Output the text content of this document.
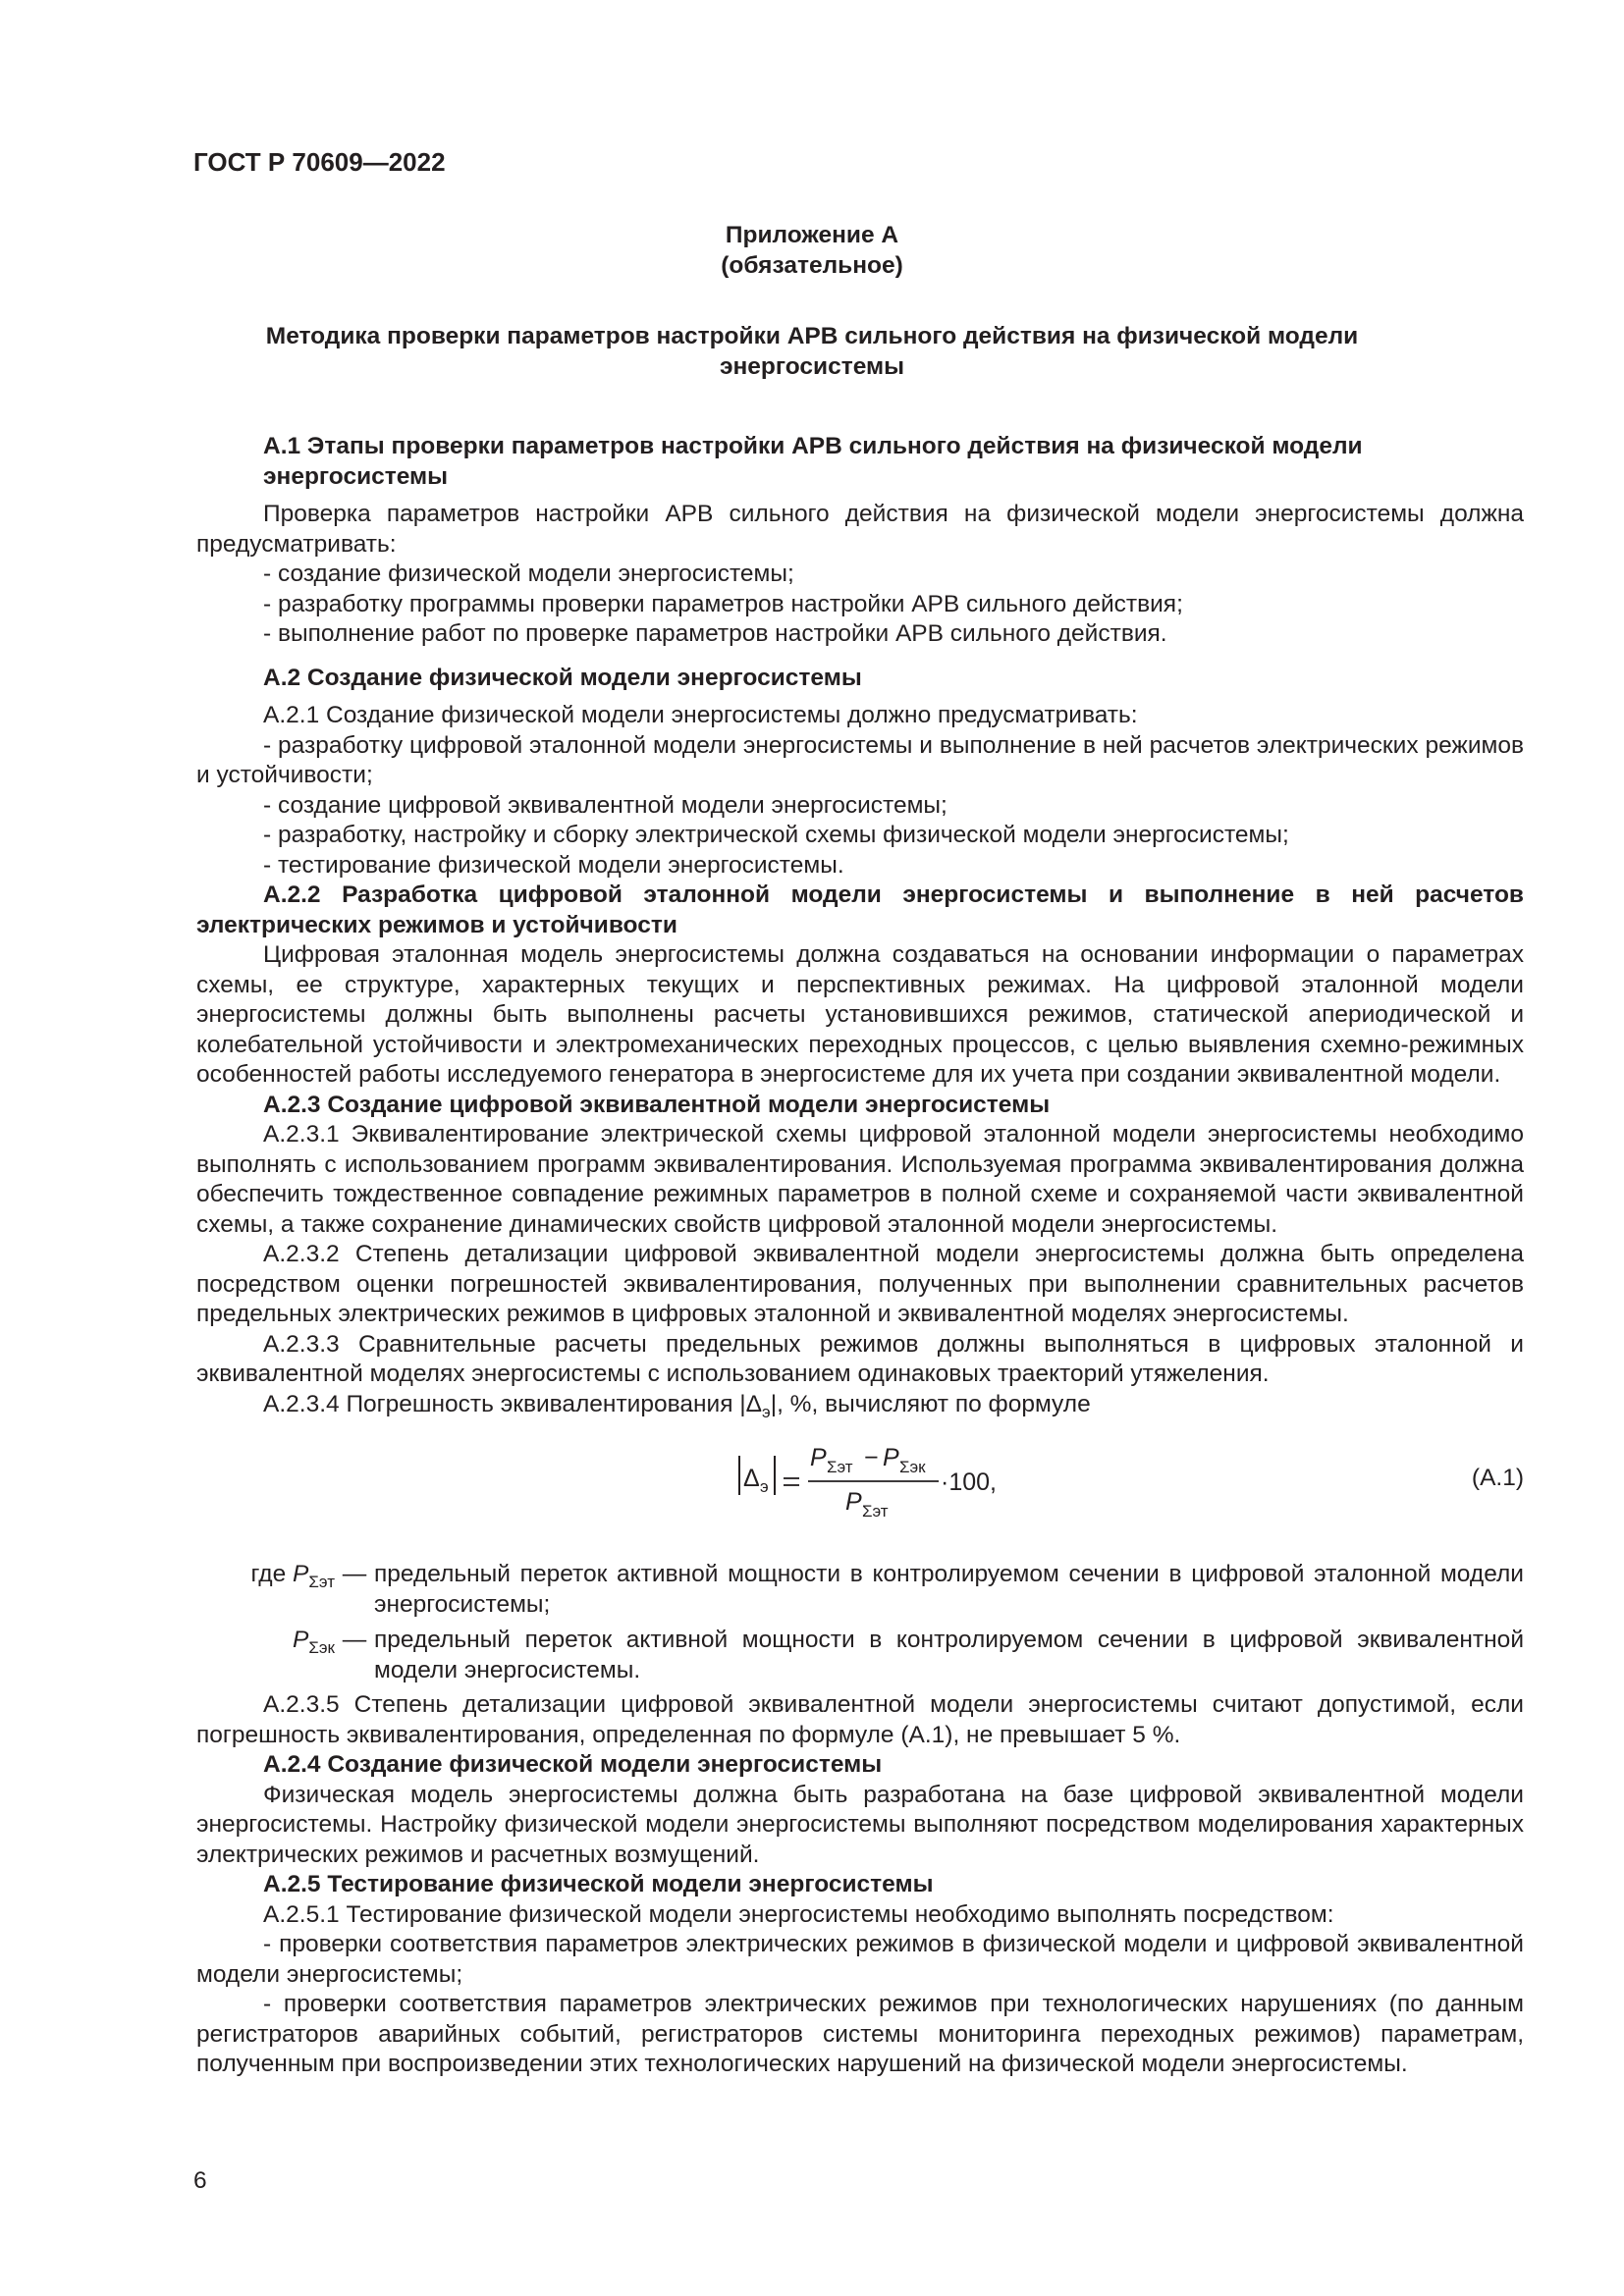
ГОСТ Р 70609—2022
Приложение А
(обязательное)
Методика проверки параметров настройки АРВ сильного действия на физической модели
энергосистемы

А.1 Этапы проверки параметров настройки АРВ сильного действия на физической модели
энергосистемы

Проверка параметров настройки АРВ сильного действия на физической модели энергосистемы должна предусматривать:

- создание физической модели энергосистемы;

- разработку программы проверки параметров настройки АРВ сильного действия;

- выполнение работ по проверке параметров настройки АРВ сильного действия.

А.2 Создание физической модели энергосистемы

А.2.1 Создание физической модели энергосистемы должно предусматривать:

- разработку цифровой эталонной модели энергосистемы и выполнение в ней расчетов электрических режимов и устойчивости;

- создание цифровой эквивалентной модели энергосистемы;

- разработку, настройку и сборку электрической схемы физической модели энергосистемы;

- тестирование физической модели энергосистемы.

А.2.2 Разработка цифровой эталонной модели энергосистемы и выполнение в ней расчетов электрических режимов и устойчивости

Цифровая эталонная модель энергосистемы должна создаваться на основании информации о параметрах схемы, ее структуре, характерных текущих и перспективных режимах. На цифровой эталонной модели энергосистемы должны быть выполнены расчеты установившихся режимов, статической апериодической и колебательной устойчивости и электромеханических переходных процессов, с целью выявления схемно-режимных особенностей работы исследуемого генератора в энергосистеме для их учета при создании эквивалентной модели.

А.2.3 Создание цифровой эквивалентной модели энергосистемы

А.2.3.1 Эквивалентирование электрической схемы цифровой эталонной модели энергосистемы необходимо выполнять с использованием программ эквивалентирования. Используемая программа эквивалентирования должна обеспечить тождественное совпадение режимных параметров в полной схеме и сохраняемой части эквивалентной схемы, а также сохранение динамических свойств цифровой эталонной модели энергосистемы.

А.2.3.2 Степень детализации цифровой эквивалентной модели энергосистемы должна быть определена посредством оценки погрешностей эквивалентирования, полученных при выполнении сравнительных расчетов предельных электрических режимов в цифровых эталонной и эквивалентной моделях энергосистемы.

А.2.3.3 Сравнительные расчеты предельных режимов должны выполняться в цифровых эталонной и эквивалентной моделях энергосистемы с использованием одинаковых траекторий утяжеления.

А.2.3.4 Погрешность эквивалентирования $|\Delta_э|$, %, вычисляют по формуле

Δ э
P Σэт − P Σэк
P Σэт
·100,	(А.1)
где $P_{\Sigma эт}$ — предельный переток активной мощности в контролируемом сечении в цифровой эталонной модели энергосистемы;
$P_{\Sigma эк}$ — предельный переток активной мощности в контролируемом сечении в цифровой эквивалентной модели энергосистемы.

А.2.3.5 Степень детализации цифровой эквивалентной модели энергосистемы считают допустимой, если погрешность эквивалентирования, определенная по формуле (А.1), не превышает 5 %.

А.2.4 Создание физической модели энергосистемы

Физическая модель энергосистемы должна быть разработана на базе цифровой эквивалентной модели энергосистемы. Настройку физической модели энергосистемы выполняют посредством моделирования характерных электрических режимов и расчетных возмущений.

А.2.5 Тестирование физической модели энергосистемы

А.2.5.1 Тестирование физической модели энергосистемы необходимо выполнять посредством:

- проверки соответствия параметров электрических режимов в физической модели и цифровой эквивалентной модели энергосистемы;

- проверки соответствия параметров электрических режимов при технологических нарушениях (по данным регистраторов аварийных событий, регистраторов системы мониторинга переходных режимов) параметрам, полученным при воспроизведении этих технологических нарушений на физической модели энергосистемы.

6
